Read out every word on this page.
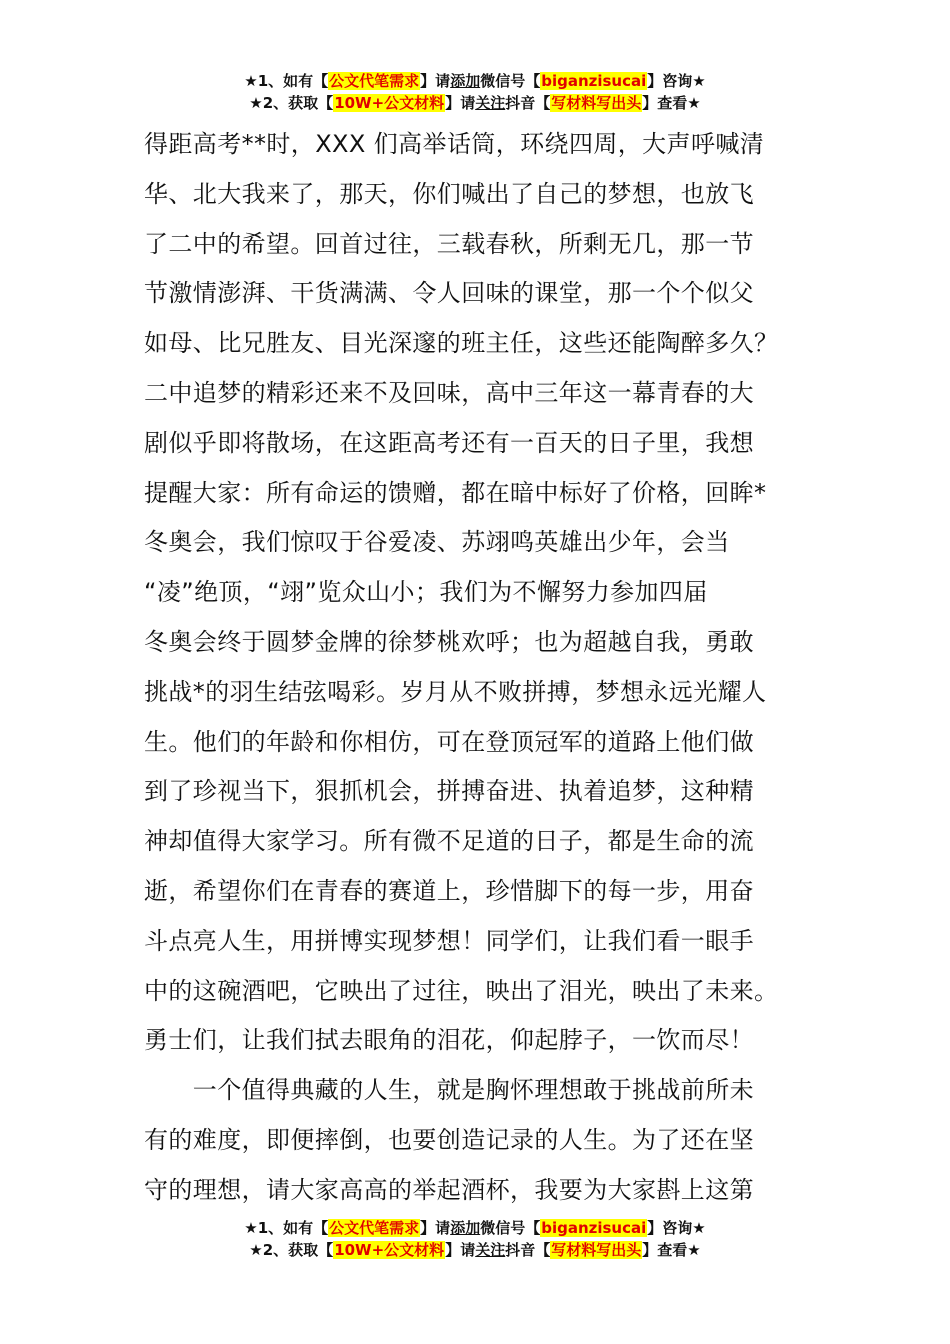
★1、如有【公文代笔需求】请添加微信号【biganzisucai】咨询★
★2、获取【10W+公文材料】请关注抖音【写材料写出头】查看★
得距高考**时，XXX 们高举话筒，环绕四周，大声呼喊清
华、北大我来了，那天，你们喊出了自己的梦想，也放飞
了二中的希望。回首过往，三载春秋，所剩无几，那一节
节激情澎湃、干货满满、令人回味的课堂，那一个个似父
如母、比兄胜友、目光深邃的班主任，这些还能陶醉多久？
二中追梦的精彩还来不及回味，高中三年这一幕青春的大
剧似乎即将散场，在这距高考还有一百天的日子里，我想
提醒大家：所有命运的馈赠，都在暗中标好了价格，回眸*
冬奥会，我们惊叹于谷爱凌、苏翊鸣英雄出少年，会当
“凌”绝顶，“翊”览众山小；我们为不懈努力参加四届
冬奥会终于圆梦金牌的徐梦桃欢呼；也为超越自我，勇敢
挑战*的羽生结弦喝彩。岁月从不败拼搏，梦想永远光耀人
生。他们的年龄和你相仿，可在登顶冠军的道路上他们做
到了珍视当下，狠抓机会，拼搏奋进、执着追梦，这种精
神却值得大家学习。所有微不足道的日子，都是生命的流
逝，希望你们在青春的赛道上，珍惜脚下的每一步，用奋
斗点亮人生，用拼博实现梦想！同学们，让我们看一眼手
中的这碗酒吧，它映出了过往，映出了泪光，映出了未来。
勇士们，让我们拭去眼角的泪花，仰起脖子，一饮而尽！
　　一个值得典藏的人生，就是胸怀理想敢于挑战前所未
有的难度，即便摔倒，也要创造记录的人生。为了还在坚
守的理想，请大家高高的举起酒杯，我要为大家斟上这第
★1、如有【公文代笔需求】请添加微信号【biganzisucai】咨询★
★2、获取【10W+公文材料】请关注抖音【写材料写出头】查看★
